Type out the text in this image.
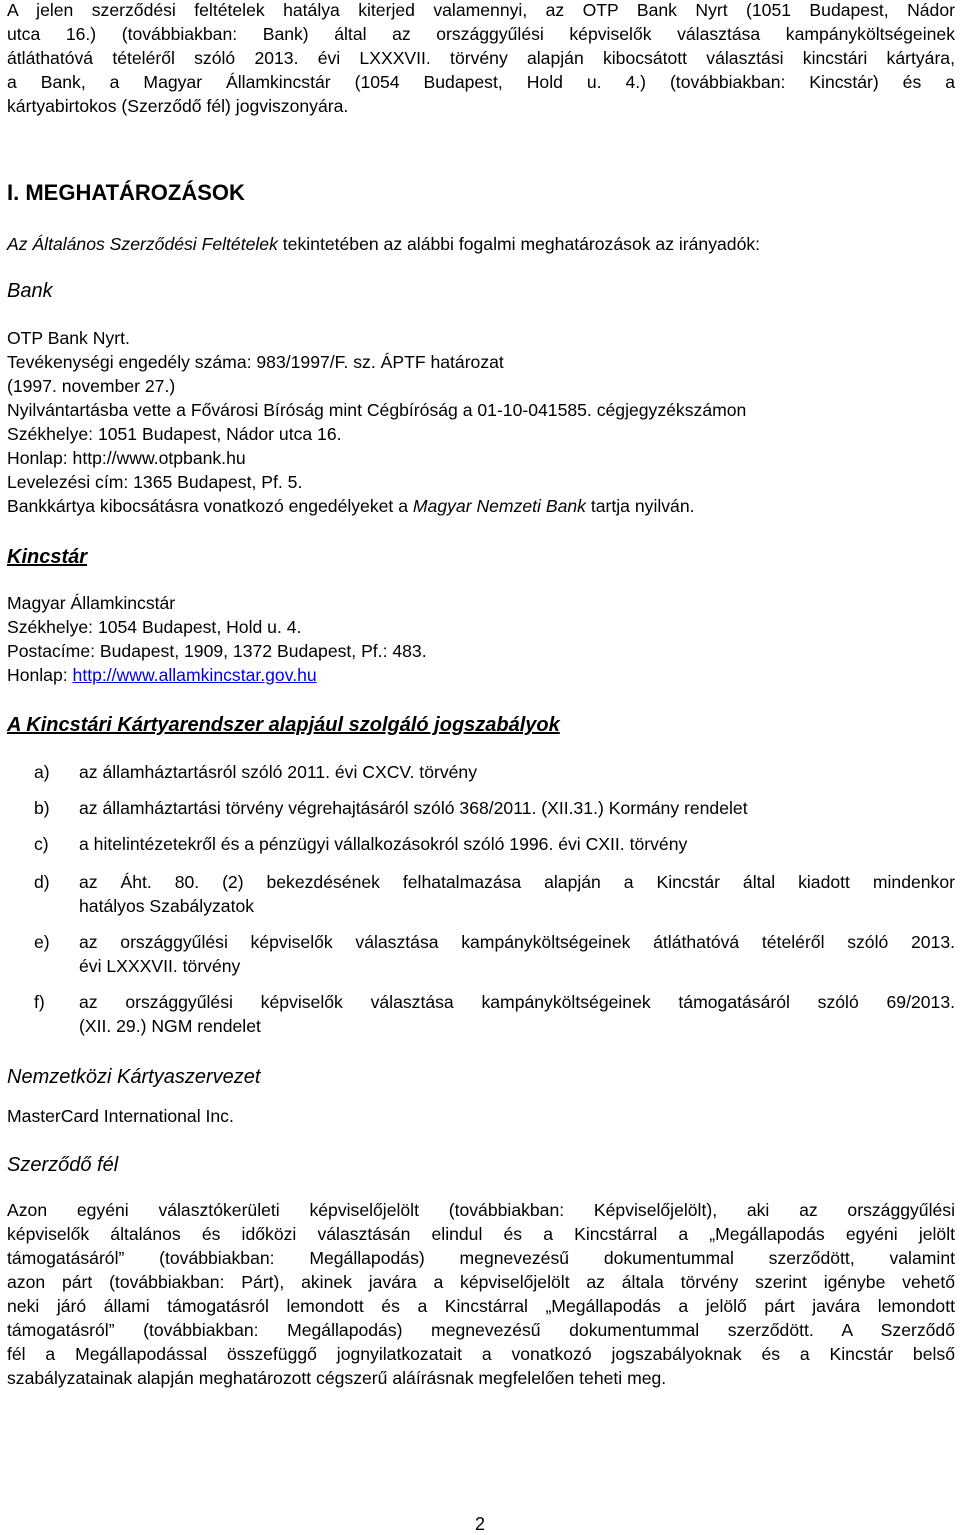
A jelen szerződési feltételek hatálya kiterjed valamennyi, az OTP Bank Nyrt (1051 Budapest, Nádor
utca 16.) (továbbiakban: Bank) által az országgyűlési képviselők választása kampányköltségeinek
átláthatóvá tételéről szóló 2013. évi LXXXVII. törvény alapján kibocsátott választási kincstári kártyára,
a Bank, a Magyar Államkincstár (1054 Budapest, Hold u. 4.) (továbbiakban: Kincstár) és a
kártyabirtokos (Szerződő fél) jogviszonyára.
I. MEGHATÁROZÁSOK
Az Általános Szerződési Feltételek tekintetében az alábbi fogalmi meghatározások az irányadók:
Bank
OTP Bank Nyrt.
Tevékenységi engedély száma: 983/1997/F. sz. ÁPTF határozat
(1997. november 27.)
Nyilvántartásba vette a Fővárosi Bíróság mint Cégbíróság a 01-10-041585. cégjegyzékszámon
Székhelye: 1051 Budapest, Nádor utca 16.
Honlap: http://www.otpbank.hu
Levelezési cím: 1365 Budapest, Pf. 5.
Bankkártya kibocsátásra vonatkozó engedélyeket a Magyar Nemzeti Bank tartja nyilván.
Kincstár
Magyar Államkincstár
Székhelye: 1054 Budapest, Hold u. 4.
Postacíme: Budapest, 1909, 1372 Budapest, Pf.: 483.
Honlap: http://www.allamkincstar.gov.hu
A Kincstári Kártyarendszer alapjául szolgáló jogszabályok
a)	az államháztartásról szóló 2011. évi CXCV. törvény
b)	az államháztartási törvény végrehajtásáról szóló 368/2011. (XII.31.) Kormány rendelet
c)	a hitelintézetekről és a pénzügyi vállalkozásokról szóló 1996. évi CXII. törvény
d)	az Áht. 80. (2) bekezdésének felhatalmazása alapján a Kincstár által kiadott mindenkor
hatályos Szabályzatok
e)	az országgyűlési képviselők választása kampányköltségeinek átláthatóvá tételéről szóló 2013.
évi LXXXVII. törvény
f)	az országgyűlési képviselők választása kampányköltségeinek támogatásáról szóló 69/2013.
(XII. 29.) NGM rendelet
Nemzetközi Kártyaszervezet
MasterCard International Inc.
Szerződő fél
Azon egyéni választókerületi képviselőjelölt (továbbiakban: Képviselőjelölt), aki az országgyűlési
képviselők általános és időközi választásán elindul és a Kincstárral a „Megállapodás egyéni jelölt
támogatásáról” (továbbiakban: Megállapodás) megnevezésű dokumentummal szerződött, valamint
azon párt (továbbiakban: Párt), akinek javára a képviselőjelölt az általa törvény szerint igénybe vehető
neki járó állami támogatásról lemondott és a Kincstárral „Megállapodás a jelölő párt javára lemondott
támogatásról” (továbbiakban: Megállapodás) megnevezésű dokumentummal szerződött. A Szerződő
fél a Megállapodással összefüggő jognyilatkozatait a vonatkozó jogszabályoknak és a Kincstár belső
szabályzatainak alapján meghatározott cégszerű aláírásnak megfelelően teheti meg.
2
